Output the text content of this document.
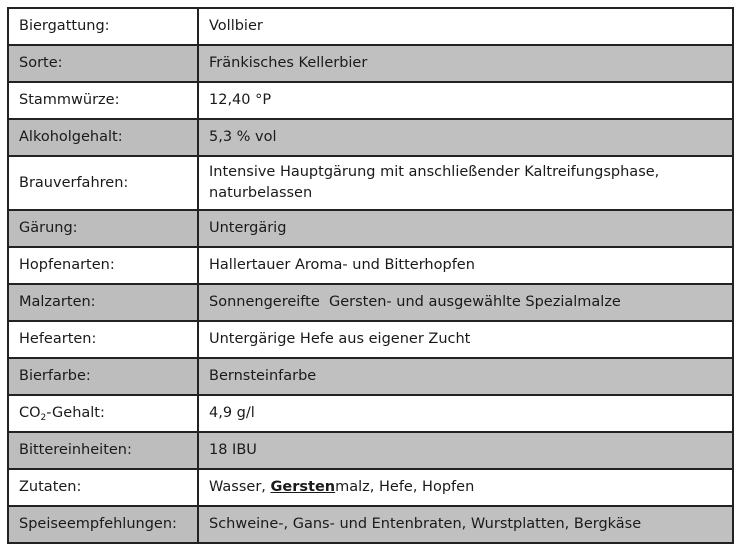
Biergattung:	Vollbier
Sorte:	Fränkisches Kellerbier
Stammwürze:	12,40 °P
Alkoholgehalt:	5,3 % vol
Brauverfahren:	Intensive Hauptgärung mit anschließender Kaltreifungsphase,
naturbelassen
Gärung:	Untergärig
Hopfenarten:	Hallertauer Aroma- und Bitterhopfen
Malzarten:	Sonnengereifte  Gersten- und ausgewählte Spezialmalze
Hefearten:	Untergärige Hefe aus eigener Zucht
Bierfarbe:	Bernsteinfarbe
$CO_2$-Gehalt:	4,9 g/l
Bittereinheiten:	18 IBU
Zutaten:	Wasser, Gerstenmalz, Hefe, Hopfen
Speiseempfehlungen:	Schweine-, Gans- und Entenbraten, Wurstplatten, Bergkäse
